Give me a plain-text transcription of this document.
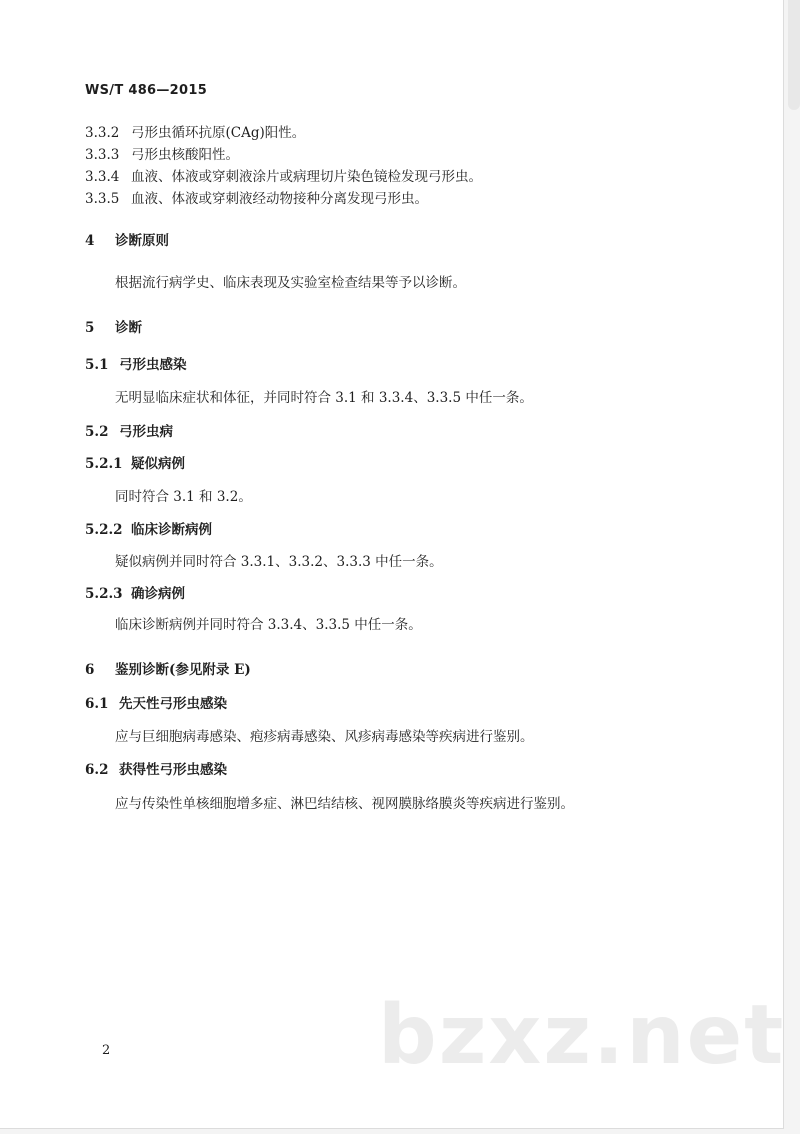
WS/T 486—2015
3.3.2 弓形虫循环抗原(CAg)阳性。
3.3.3 弓形虫核酸阳性。
3.3.4 血液、体液或穿刺液涂片或病理切片染色镜检发现弓形虫。
3.3.5 血液、体液或穿刺液经动物接种分离发现弓形虫。
4 诊断原则
根据流行病学史、临床表现及实验室检查结果等予以诊断。
5 诊断
5.1 弓形虫感染
无明显临床症状和体征，并同时符合 3.1 和 3.3.4、3.3.5 中任一条。
5.2 弓形虫病
5.2.1 疑似病例
同时符合 3.1 和 3.2。
5.2.2 临床诊断病例
疑似病例并同时符合 3.3.1、3.3.2、3.3.3 中任一条。
5.2.3 确诊病例
临床诊断病例并同时符合 3.3.4、3.3.5 中任一条。
6 鉴别诊断(参见附录 E)
6.1 先天性弓形虫感染
应与巨细胞病毒感染、疱疹病毒感染、风疹病毒感染等疾病进行鉴别。
6.2 获得性弓形虫感染
应与传染性单核细胞增多症、淋巴结结核、视网膜脉络膜炎等疾病进行鉴别。
bzxz.net
2
